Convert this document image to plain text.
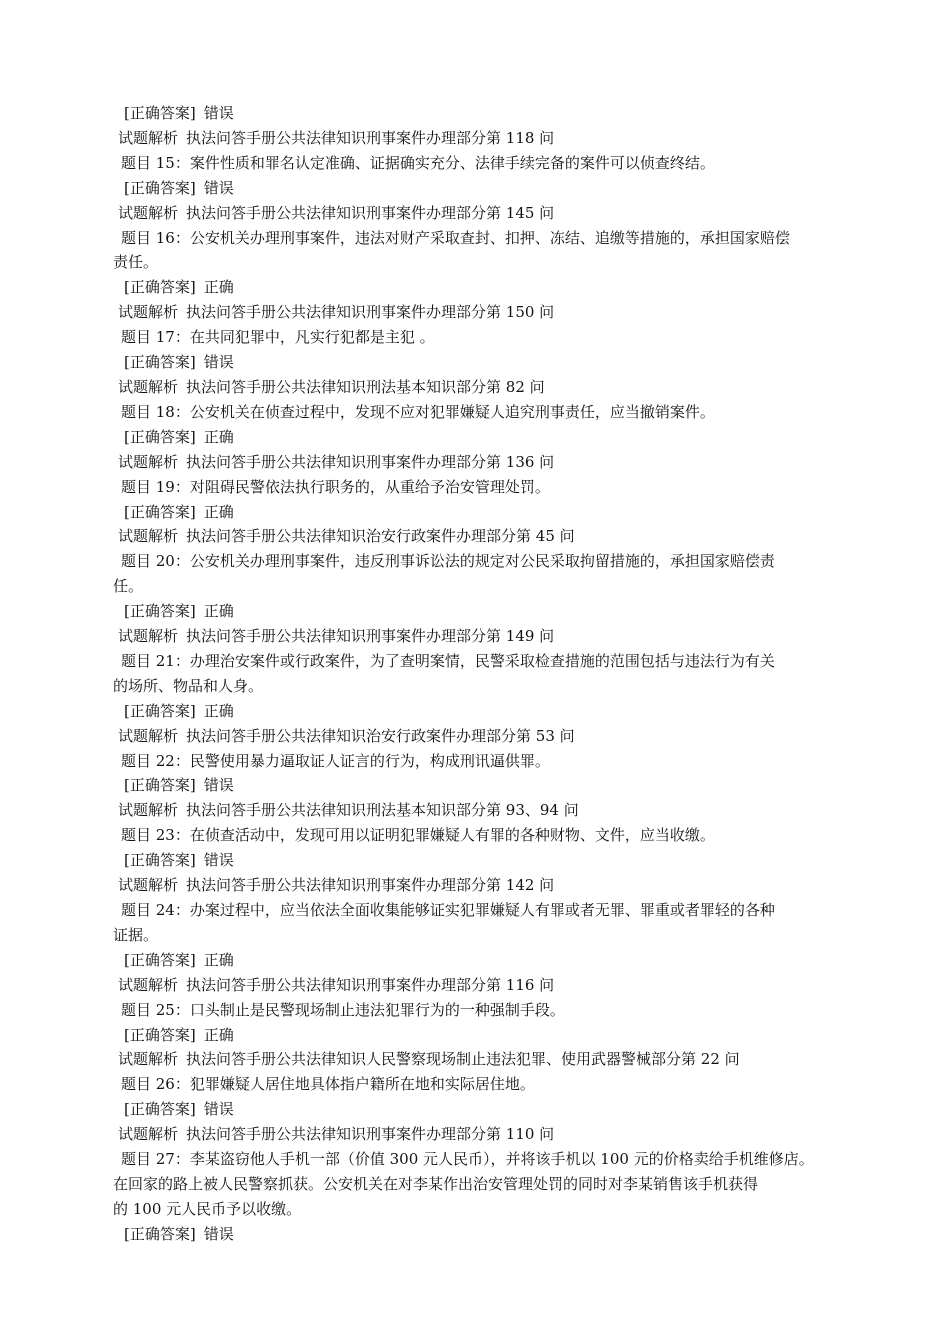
[正确答案] 错误
试题解析 执法问答手册公共法律知识刑事案件办理部分第 118 问
题目 15：案件性质和罪名认定准确、证据确实充分、法律手续完备的案件可以侦查终结。
[正确答案] 错误
试题解析 执法问答手册公共法律知识刑事案件办理部分第 145 问
题目 16：公安机关办理刑事案件，违法对财产采取查封、扣押、冻结、追缴等措施的，承担国家赔偿
责任。
[正确答案] 正确
试题解析 执法问答手册公共法律知识刑事案件办理部分第 150 问
题目 17：在共同犯罪中，凡实行犯都是主犯 。
[正确答案] 错误
试题解析 执法问答手册公共法律知识刑法基本知识部分第 82 问
题目 18：公安机关在侦查过程中，发现不应对犯罪嫌疑人追究刑事责任，应当撤销案件。
[正确答案] 正确
试题解析 执法问答手册公共法律知识刑事案件办理部分第 136 问
题目 19：对阻碍民警依法执行职务的，从重给予治安管理处罚。
[正确答案] 正确
试题解析 执法问答手册公共法律知识治安行政案件办理部分第 45 问
题目 20：公安机关办理刑事案件，违反刑事诉讼法的规定对公民采取拘留措施的，承担国家赔偿责
任。
[正确答案] 正确
试题解析 执法问答手册公共法律知识刑事案件办理部分第 149 问
题目 21：办理治安案件或行政案件，为了查明案情，民警采取检查措施的范围包括与违法行为有关
的场所、物品和人身。
[正确答案] 正确
试题解析 执法问答手册公共法律知识治安行政案件办理部分第 53 问
题目 22：民警使用暴力逼取证人证言的行为，构成刑讯逼供罪。
[正确答案] 错误
试题解析 执法问答手册公共法律知识刑法基本知识部分第 93、94 问
题目 23：在侦查活动中，发现可用以证明犯罪嫌疑人有罪的各种财物、文件，应当收缴。
[正确答案] 错误
试题解析 执法问答手册公共法律知识刑事案件办理部分第 142 问
题目 24：办案过程中，应当依法全面收集能够证实犯罪嫌疑人有罪或者无罪、罪重或者罪轻的各种
证据。
[正确答案] 正确
试题解析 执法问答手册公共法律知识刑事案件办理部分第 116 问
题目 25：口头制止是民警现场制止违法犯罪行为的一种强制手段。
[正确答案] 正确
试题解析 执法问答手册公共法律知识人民警察现场制止违法犯罪、使用武器警械部分第 22 问
题目 26：犯罪嫌疑人居住地具体指户籍所在地和实际居住地。
[正确答案] 错误
试题解析 执法问答手册公共法律知识刑事案件办理部分第 110 问
题目 27：李某盗窃他人手机一部（价值 300 元人民币），并将该手机以 100 元的价格卖给手机维修店。
在回家的路上被人民警察抓获。公安机关在对李某作出治安管理处罚的同时对李某销售该手机获得
的 100 元人民币予以收缴。
[正确答案] 错误
